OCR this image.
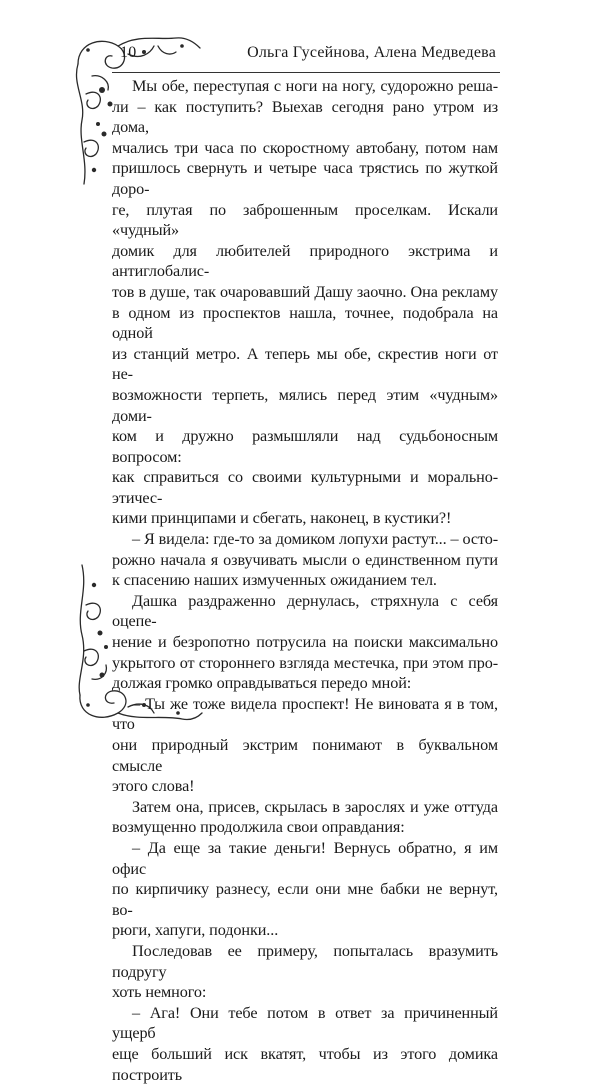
10	Ольга Гусейнова, Алена Медведева

Мы обе, переступая с ноги на ногу, судорожно реша-

ли – как поступить? Выехав сегодня рано утром из дома,

мчались три часа по скоростному автобану, потом нам

пришлось свернуть и четыре часа трястись по жуткой доро-

ге, плутая по заброшенным проселкам. Искали «чудный»

домик для любителей природного экстрима и антиглобалис-

тов в душе, так очаровавший Дашу заочно. Она рекламу

в одном из проспектов нашла, точнее, подобрала на одной

из станций метро. А теперь мы обе, скрестив ноги от не-

возможности терпеть, мялись перед этим «чудным» доми-

ком и дружно размышляли над судьбоносным вопросом:

как справиться со своими культурными и морально-этичес-

кими принципами и сбегать, наконец, в кустики?!

– Я видела: где-то за домиком лопухи растут... – осто-

рожно начала я озвучивать мысли о единственном пути

к спасению наших измученных ожиданием тел.

Дашка раздраженно дернулась, стряхнула с себя оцепе-

нение и безропотно потрусила на поиски максимально

укрытого от стороннего взгляда местечка, при этом про-

должая громко оправдываться передо мной:

– Ты же тоже видела проспект! Не виновата я в том, что

они природный экстрим понимают в буквальном смысле

этого слова!

Затем она, присев, скрылась в зарослях и уже оттуда

возмущенно продолжила свои оправдания:

– Да еще за такие деньги! Вернусь обратно, я им офис

по кирпичику разнесу, если они мне бабки не вернут, во-

рюги, хапуги, подонки...

Последовав ее примеру, попыталась вразумить подругу

хоть немного:

– Ага! Они тебе потом в ответ за причиненный ущерб

еще больший иск вкатят, чтобы из этого домика построить
